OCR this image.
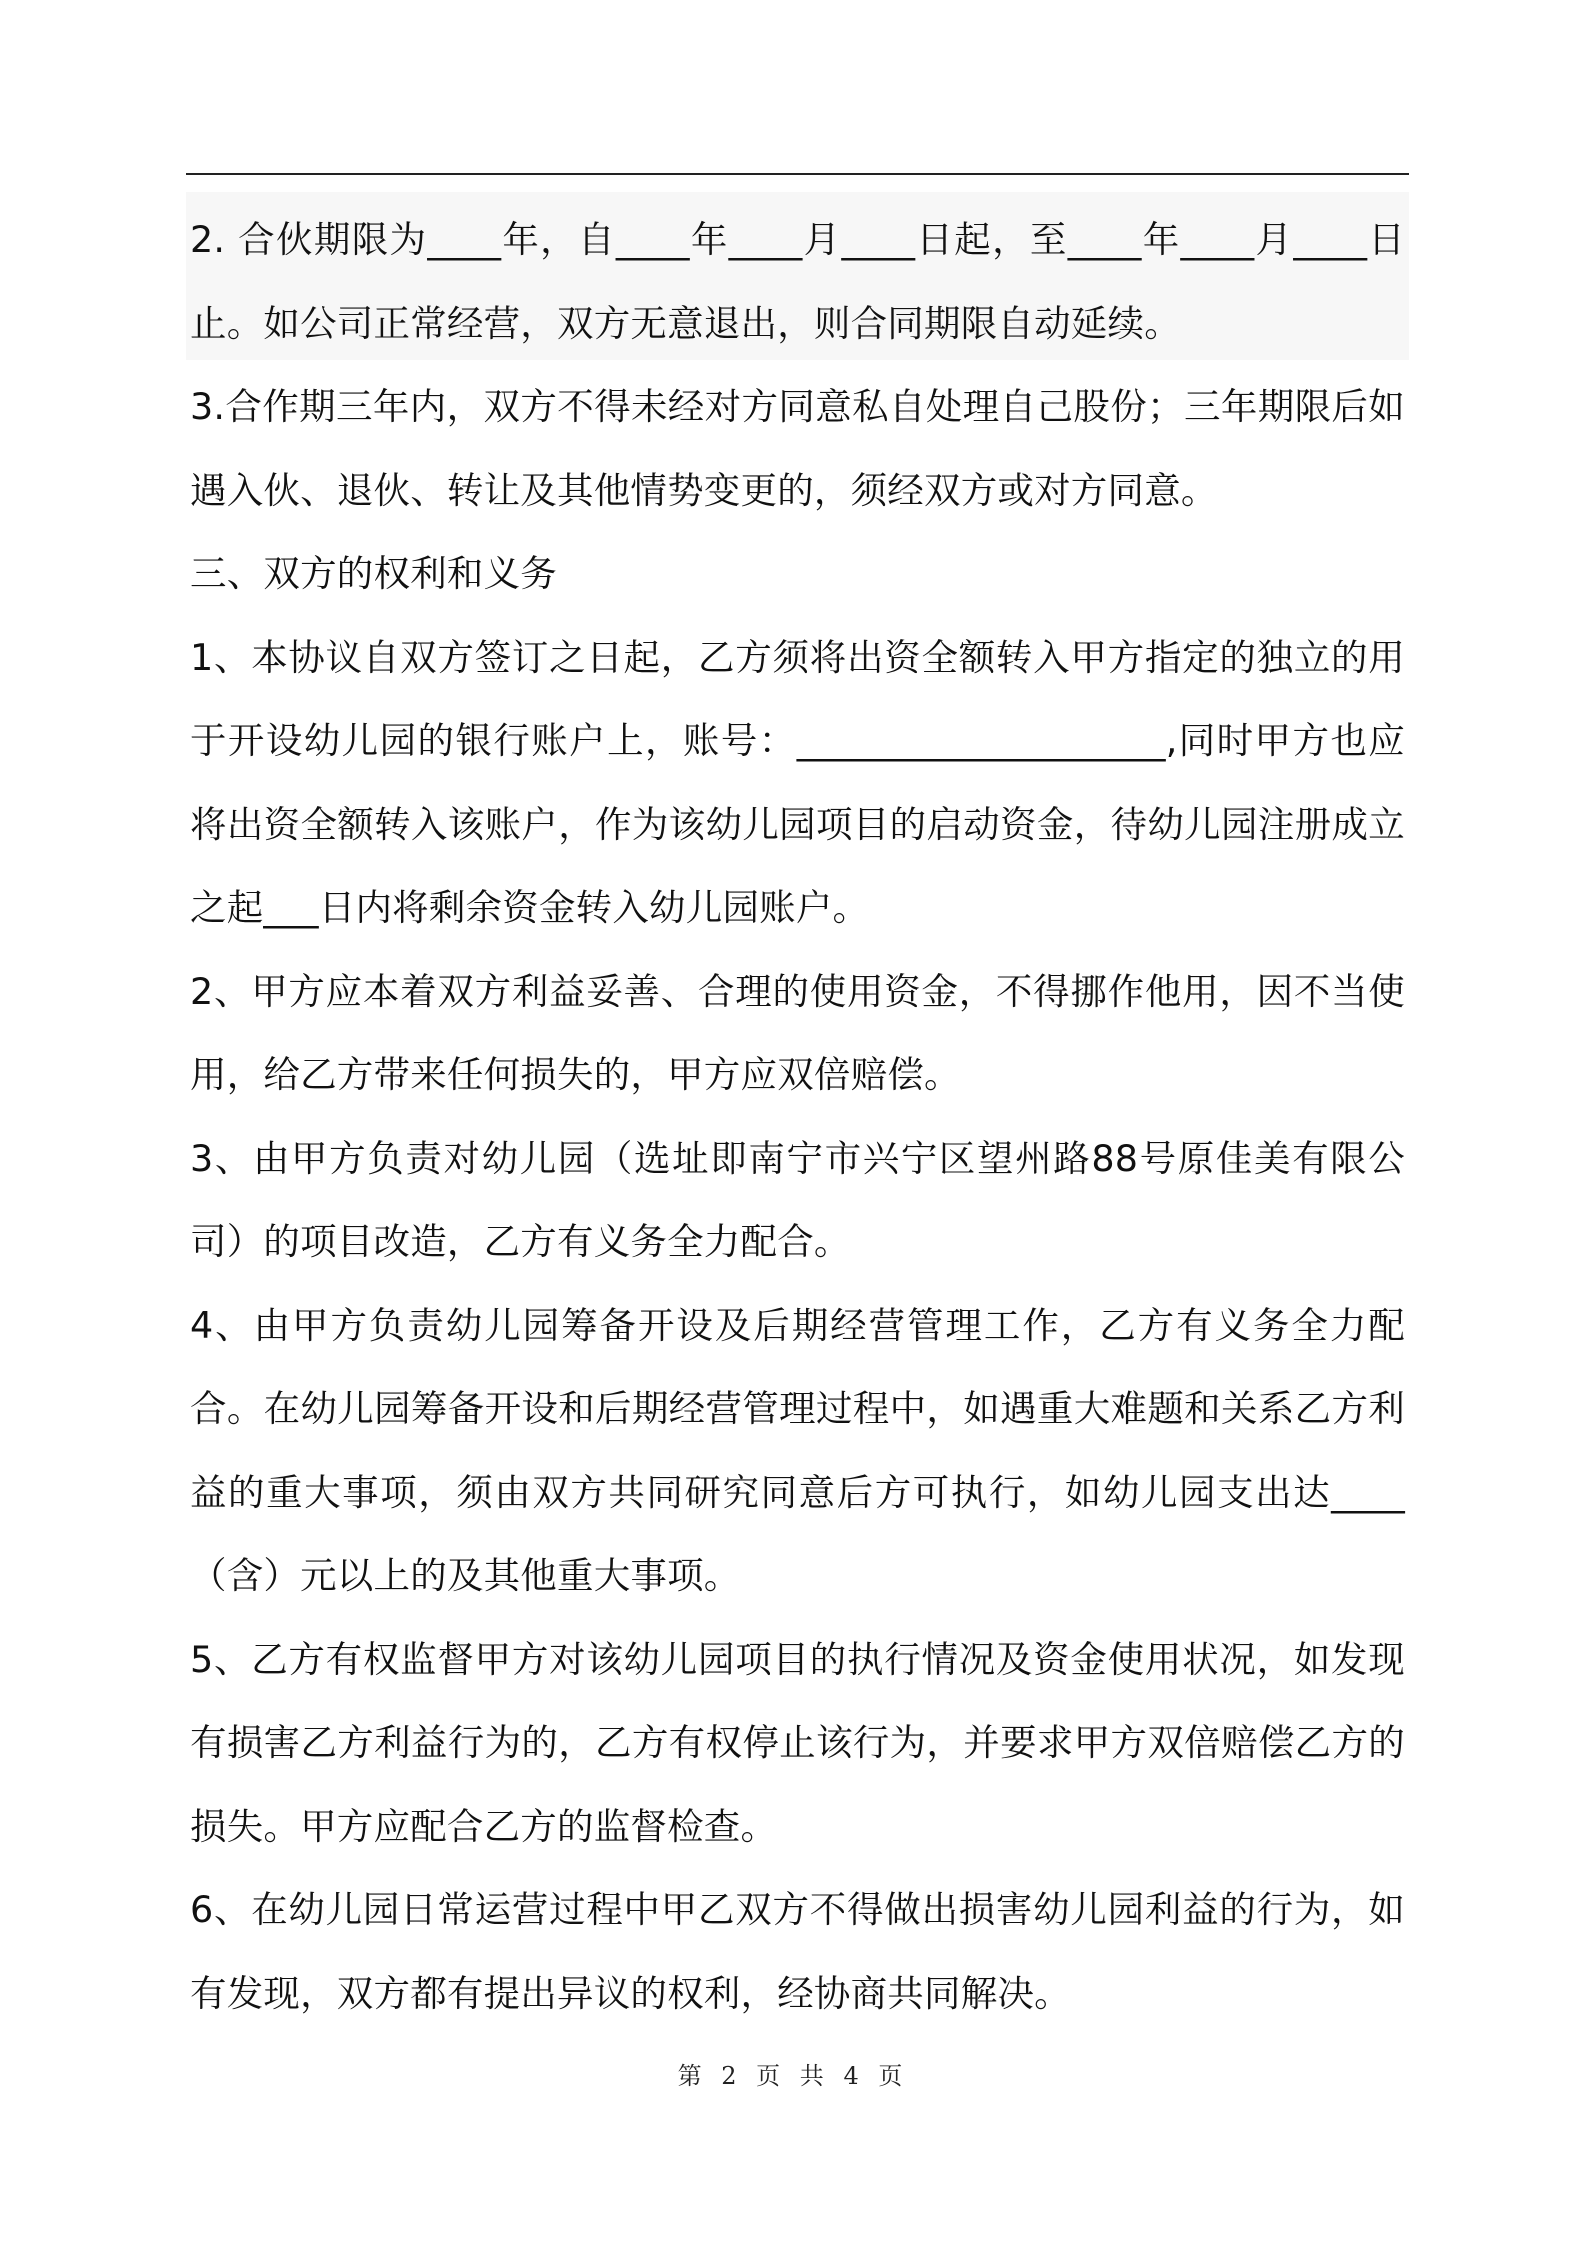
2. 合伙期限为____年，自____年____月____日起，至____年____月____日止。如公司正常经营，双方无意退出，则合同期限自动延续。

3.合作期三年内，双方不得未经对方同意私自处理自己股份；三年期限后如遇入伙、退伙、转让及其他情势变更的，须经双方或对方同意。

三、双方的权利和义务

1、本协议自双方签订之日起，乙方须将出资全额转入甲方指定的独立的用于开设幼儿园的银行账户上，账号：____________________,同时甲方也应将出资全额转入该账户，作为该幼儿园项目的启动资金，待幼儿园注册成立之起___日内将剩余资金转入幼儿园账户。

2、甲方应本着双方利益妥善、合理的使用资金，不得挪作他用，因不当使用，给乙方带来任何损失的，甲方应双倍赔偿。

3、由甲方负责对幼儿园（选址即南宁市兴宁区望州路88号原佳美有限公司）的项目改造，乙方有义务全力配合。

4、由甲方负责幼儿园筹备开设及后期经营管理工作，乙方有义务全力配合。在幼儿园筹备开设和后期经营管理过程中，如遇重大难题和关系乙方利益的重大事项，须由双方共同研究同意后方可执行，如幼儿园支出达____（含）元以上的及其他重大事项。

5、乙方有权监督甲方对该幼儿园项目的执行情况及资金使用状况，如发现有损害乙方利益行为的，乙方有权停止该行为，并要求甲方双倍赔偿乙方的损失。甲方应配合乙方的监督检查。

6、在幼儿园日常运营过程中甲乙双方不得做出损害幼儿园利益的行为，如有发现，双方都有提出异议的权利，经协商共同解决。

第 2 页 共 4 页
